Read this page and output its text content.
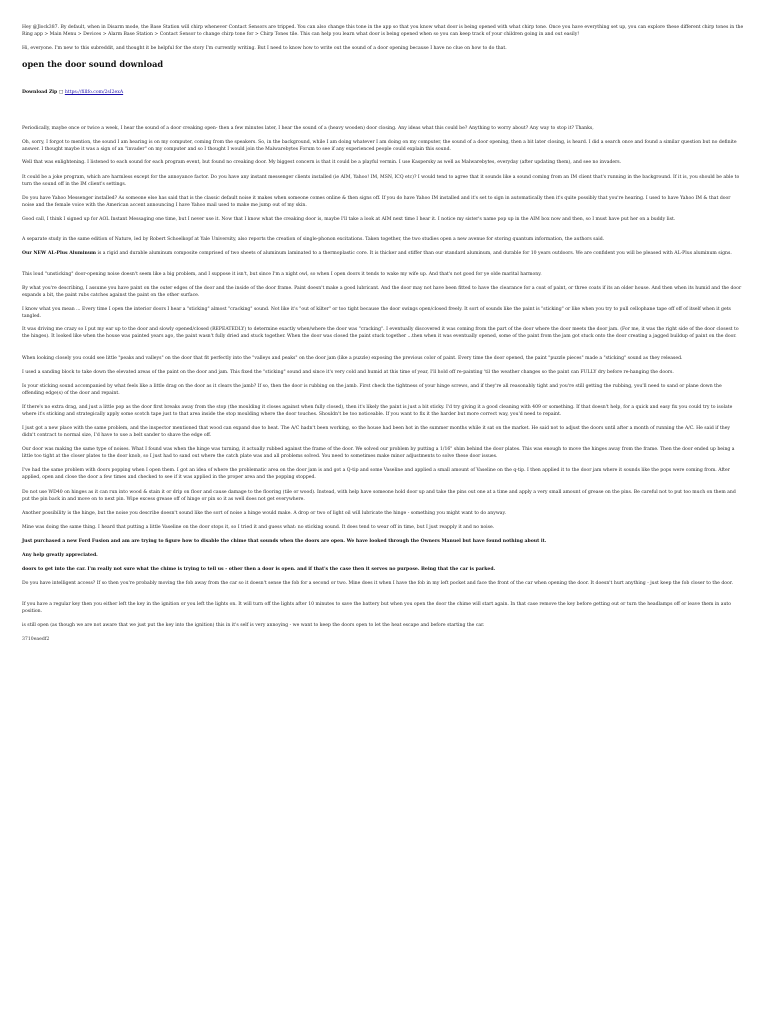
Hey @Jlock387. By default, when in Disarm mode, the Base Station will chirp whenever Contact Sensors are tripped. You can also change this tone in the app so that you know what door is being opened with what chirp tone. Once you have everything set up, you can explore these different chirp tones in the Ring app > Main Menu > Devices > Alarm Base Station > Contact Sensor to change chirp tone for > Chirp Tones tile. This can help you learn what door is being opened when so you can keep track of your children going in and out easily!

Hi, everyone. I'm new to this subreddit, and thought it be helpful for the story I'm currently writing. But I need to know how to write out the sound of a door opening because I have no clue on how to do that.

open the door sound download

Download Zip □ https://fillfo.com/2sI2exA

Periodically, maybe once or twice a week, I hear the sound of a door creaking open- then a few minutes later, I hear the sound of a (heavy wooden) door closing. Any ideas what this could be? Anything to worry about? Any way to stop it? Thanks,

Oh, sorry, I forgot to mention, the sound I am hearing is on my computer, coming from the speakers. So, in the background, while I am doing whatever I am doing on my computer, the sound of a door opening, then a bit later closing, is heard. I did a search once and found a similar question but no definite answer. I thought maybe it was a sign of an "invader" on my computer and so I thought I would join the Malwarebytes Forum to see if any experienced people could explain this sound.

Well that was enlightening. I listened to each sound for each program event, but found no creaking door. My biggest concern is that it could be a playful vermin. I use Kaspersky as well as Malwarebytes, everyday (after updating them), and see no invaders.

It could be a joke program, which are harmless except for the annoyance factor. Do you have any instant messenger clients installed (ie AIM, Yahoo! IM, MSN, ICQ etc)? I would tend to agree that it sounds like a sound coming from an IM client that's running in the background. If it is, you should be able to turn the sound off in the IM client's settings.

Do you have Yahoo Messenger installed? As someone else has said that is the classic default noise it makes when someone comes online & then signs off. If you do have Yahoo IM installed and it's set to sign in automatically then it's quite possibly that you're hearing. I used to have Yahoo IM & that door noise and the female voice with the American accent announcing I have Yahoo mail used to make me jump out of my skin.

Good call, I think I signed up for AOL Instant Messaging one time, but I never use it. Now that I know what the creaking door is, maybe I'll take a look at AIM next time I hear it. I notice my sister's name pop up in the AIM box now and then, so I must have put her on a buddy list.

A separate study in the same edition of Nature, led by Robert Schoelkopf at Yale University, also reports the creation of single-phonon excitations. Taken together, the two studies open a new avenue for storing quantum information, the authors said.

Our NEW AL-Plus Aluminum is a rigid and durable aluminum composite comprised of two sheets of aluminum laminated to a thermoplastic core. It is thicker and stiffer than our standard aluminum, and durable for 10 years outdoors. We are confident you will be pleased with AL-Plus aluminum signs.

This loud "unsticking" door-opening noise doesn't seem like a big problem, and I suppose it isn't, but since I'm a night owl, so when I open doors it tends to wake my wife up. And that's not good for ye olde marital harmony.

By what you're describing, I assume you have paint on the outer edges of the door and the inside of the door frame. Paint doesn't make a good lubricant. And the door may not have been fitted to have the clearance for a coat of paint, or three coats if its an older house. And then when its humid and the door expands a bit, the paint rubs catches against the paint on the other surface.

I know what you mean ... Every time I open the interior doors I hear a "sticking" almost "cracking" sound. Not like it's "out of kilter" or too tight because the door swings open/closed freely. It sort of sounds like the paint is "sticking" or like when you try to pull cellophane tape off off of itself when it gets tangled.

It was driving me crazy so I put my ear up to the door and slowly opened/closed (REPEATEDLY) to determine exactly when/where the door was "cracking". I eventually discovered it was coming from the part of the door where the door meets the door jam. (For me, it was the right side of the door closest to the hinges). It looked like when the house was painted years ago, the paint wasn't fully dried and stuck together. When the door was closed the paint stuck together ...then when it was eventually opened, some of the paint from the jam got stuck onto the door creating a jagged buildup of paint on the door.

When looking closely you could see little "peaks and valleys" on the door that fit perfectly into the "valleys and peaks" on the door jam (like a puzzle) exposing the previous color of paint. Every time the door opened, the paint "puzzle pieces" made a "sticking" sound as they released.

I used a sanding block to take down the elevated areas of the paint on the door and jam. This fixed the "sticking" sound and since it's very cold and humid at this time of year, I'll hold off re-painting 'til the weather changes so the paint can FULLY dry before re-hanging the doors.

Is your sticking sound accompanied by what feels like a little drag on the door as it clears the jamb? If so, then the door is rubbing on the jamb. First check the tightness of your hinge screws, and if they're all reasonably tight and you're still getting the rubbing, you'll need to sand or plane down the offending edge(s) of the door and repaint.

If there's no extra drag, and just a little pop as the door first breaks away from the stop (the moulding it closes against when fully closed), then it's likely the paint is just a bit sticky. I'd try giving it a good cleaning with 409 or something. If that doesn't help, for a quick and easy fix you could try to isolate where it's sticking and strategically apply some scotch tape just to that area inside the stop moulding where the door touches. Shouldn't be too noticeable. If you want to fix it the harder but more correct way, you'd need to repaint.

I just got a new place with the same problem, and the inspector mentioned that wood can expand due to heat. The A/C hadn't been working, so the house had been hot in the summer months while it sat on the market. He said not to adjust the doors until after a month of running the A/C. He said if they didn't contract to normal size, I'd have to use a belt sander to shave the edge off.

Our door was making the same type of noises. What I found was when the hinge was turning, it actually rubbed against the frame of the door. We solved our problem by putting a 1/16" shim behind the door plates. This was enough to move the hinges away from the frame. Then the door ended up being a little too tight at the closer plates to the door knob, so I just had to sand out where the catch plate was and all problems solved. You need to sometimes make minor adjustments to solve these door issues.

I've had the same problem with doors popping when I open them. I got an idea of where the problematic area on the door jam is and got a Q-tip and some Vaseline and applied a small amount of Vaseline on the q-tip. I then applied it to the door jam where it sounds like the pops were coming from. After applied, open and close the door a few times and checked to see if it was applied in the proper area and the popping stopped.

Do not use WD40 on hinges as it can run into wood & stain it or drip on floor and cause damage to the flooring (tile or wood). Instead, with help have someone hold door up and take the pins out one at a time and apply a very small amount of grease on the pins. Be careful not to put too much on them and put the pin back in and move on to next pin. Wipe excess grease off of hinge or pin so it as well does not get everywhere.

Another possibility is the hinge, but the noise you describe doesn't sound like the sort of noise a hinge would make. A drop or two of light oil will lubricate the hinge - something you might want to do anyway.

Mine was doing the same thing. I heard that putting a little Vaseline on the door stops it, so I tried it and guess what: no sticking sound. It does tend to wear off in time, but I just reapply it and no noise.

Just purchased a new Ford Fusion and am are trying to figure how to disable the chime that sounds when the doors are open. We have looked through the Owners Manuel but have found nothing about it.

Any help greatly appreciated.

doors to get into the car. I'm really not sure what the chime is trying to tell us - other then a door is open. and if that's the case then it serves no purpose. Being that the car is parked.

Do you have intelligent access? If so then you're probably moving the fob away from the car so it doesn't sense the fob for a second or two. Mine does it when I have the fob in my left pocket and face the front of the car when opening the door. It doesn't hurt anything - just keep the fob closer to the door.

If you have a regular key then you either left the key in the ignition or you left the lights on. It will turn off the lights after 10 minutes to save the battery but when you open the door the chime will start again. In that case remove the key before getting out or turn the headlamps off or leave them in auto position.

is still open (as though we are not aware that we just put the key into the ignition) this in it's self is very annoying - we want to keep the doors open to let the heat escape and before starting the car.

3710eaedf2
